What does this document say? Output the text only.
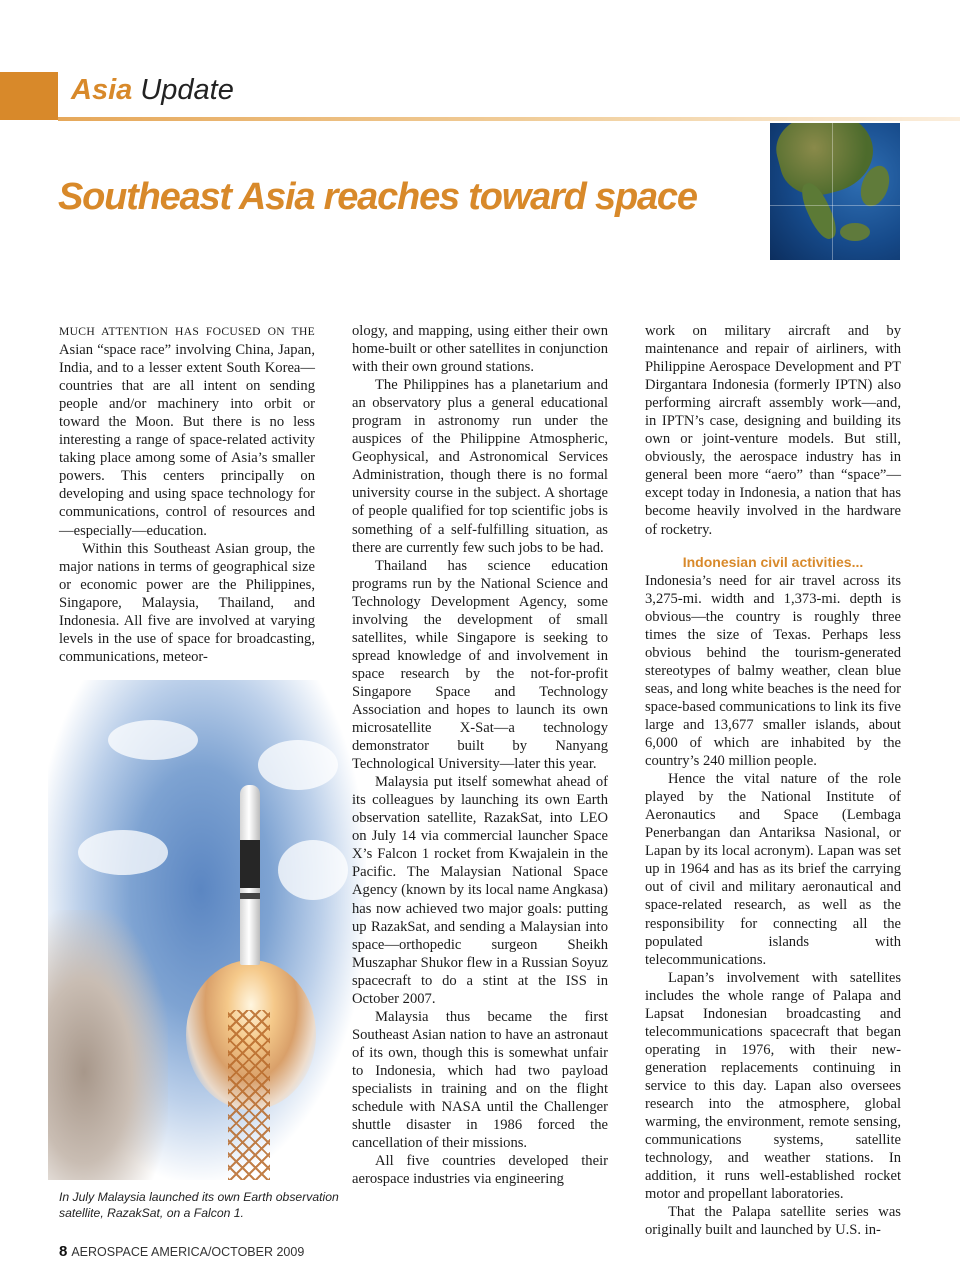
Asia Update
Southeast Asia reaches toward space

MUCH ATTENTION HAS FOCUSED ON THE Asian “space race” involving China, Japan, India, and to a lesser extent South Korea—countries that are all intent on sending people and/or machinery into orbit or toward the Moon. But there is no less interesting a range of space-related activity taking place among some of Asia’s smaller powers. This centers principally on developing and using space technology for communications, control of resources and—especially—education.

Within this Southeast Asian group, the major nations in terms of geographical size or economic power are the Philippines, Singapore, Malaysia, Thailand, and Indonesia. All five are involved at varying levels in the use of space for broadcasting, communications, meteor-

In July Malaysia launched its own Earth observation satellite, RazakSat, on a Falcon 1.

ology, and mapping, using either their own home-built or other satellites in conjunction with their own ground stations.

The Philippines has a planetarium and an observatory plus a general educational program in astronomy run under the auspices of the Philippine Atmospheric, Geophysical, and Astronomical Services Administration, though there is no formal university course in the subject. A shortage of people qualified for top scientific jobs is something of a self-fulfilling situation, as there are currently few such jobs to be had.

Thailand has science education programs run by the National Science and Technology Development Agency, some involving the development of small satellites, while Singapore is seeking to spread knowledge of and involvement in space research by the not-for-profit Singapore Space and Technology Association and hopes to launch its own microsatellite X-Sat—a technology demonstrator built by Nanyang Technological University—later this year.

Malaysia put itself somewhat ahead of its colleagues by launching its own Earth observation satellite, RazakSat, into LEO on July 14 via commercial launcher Space X’s Falcon 1 rocket from Kwajalein in the Pacific. The Malaysian National Space Agency (known by its local name Angkasa) has now achieved two major goals: putting up RazakSat, and sending a Malaysian into space—orthopedic surgeon Sheikh Muszaphar Shukor flew in a Russian Soyuz spacecraft to do a stint at the ISS in October 2007.

Malaysia thus became the first Southeast Asian nation to have an astronaut of its own, though this is somewhat unfair to Indonesia, which had two payload specialists in training and on the flight schedule with NASA until the Challenger shuttle disaster in 1986 forced the cancellation of their missions.

All five countries developed their aerospace industries via engineering

work on military aircraft and by maintenance and repair of airliners, with Philippine Aerospace Development and PT Dirgantara Indonesia (formerly IPTN) also performing aircraft assembly work—and, in IPTN’s case, designing and building its own or joint-venture models. But still, obviously, the aerospace industry has in general been more “aero” than “space”—except today in Indonesia, a nation that has become heavily involved in the hardware of rocketry.

Indonesian civil activities...

Indonesia’s need for air travel across its 3,275-mi. width and 1,373-mi. depth is obvious—the country is roughly three times the size of Texas. Perhaps less obvious behind the tourism-generated stereotypes of balmy weather, clean blue seas, and long white beaches is the need for space-based communications to link its five large and 13,677 smaller islands, about 6,000 of which are inhabited by the country’s 240 million people.

Hence the vital nature of the role played by the National Institute of Aeronautics and Space (Lembaga Penerbangan dan Antariksa Nasional, or Lapan by its local acronym). Lapan was set up in 1964 and has as its brief the carrying out of civil and military aeronautical and space-related research, as well as the responsibility for connecting all the populated islands with telecommunications.

Lapan’s involvement with satellites includes the whole range of Palapa and Lapsat Indonesian broadcasting and telecommunications spacecraft that began operating in 1976, with their new-generation replacements continuing in service to this day. Lapan also oversees research into the atmosphere, global warming, the environment, remote sensing, communications systems, satellite technology, and weather stations. In addition, it runs well-established rocket motor and propellant laboratories.

That the Palapa satellite series was originally built and launched by U.S. in-

8 AEROSPACE AMERICA/OCTOBER 2009
